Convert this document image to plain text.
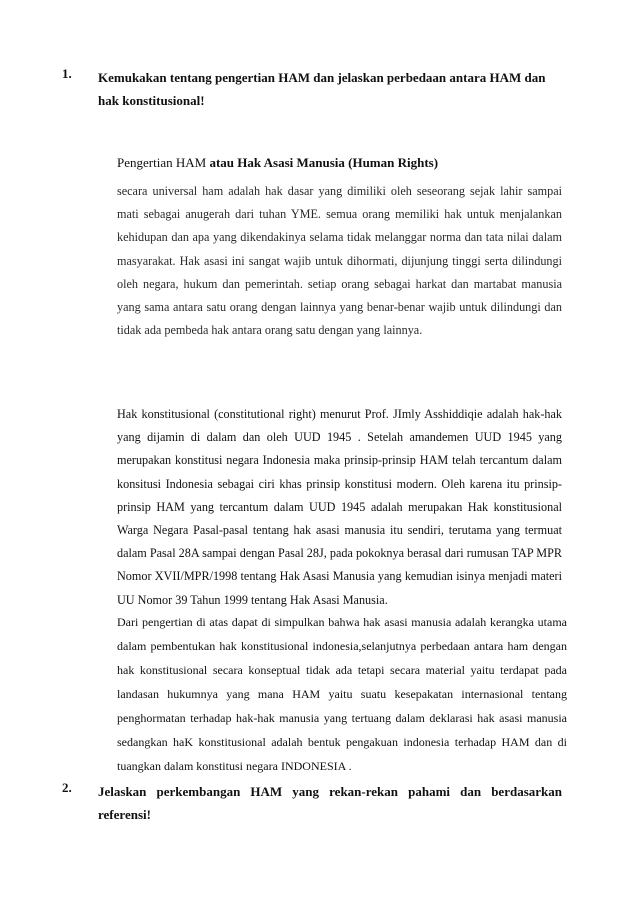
1. Kemukakan tentang pengertian HAM dan jelaskan perbedaan antara HAM dan hak konstitusional!
Pengertian HAM atau Hak Asasi Manusia (Human Rights)

secara universal ham adalah hak dasar yang dimiliki oleh seseorang sejak lahir sampai mati sebagai anugerah dari tuhan YME. semua orang memiliki hak untuk menjalankan kehidupan dan apa yang dikendakinya selama tidak melanggar norma dan tata nilai dalam masyarakat. Hak asasi ini sangat wajib untuk dihormati, dijunjung tinggi serta dilindungi oleh negara, hukum dan pemerintah. setiap orang sebagai harkat dan martabat manusia yang sama antara satu orang dengan lainnya yang benar-benar wajib untuk dilindungi dan tidak ada pembeda hak antara orang satu dengan yang lainnya.

Hak konstitusional (constitutional right) menurut Prof. JImly Asshiddiqie adalah hak-hak yang dijamin di dalam dan oleh UUD 1945 . Setelah amandemen UUD 1945 yang merupakan konstitusi negara Indonesia maka prinsip-prinsip HAM telah tercantum dalam konsitusi Indonesia sebagai ciri khas prinsip konstitusi modern. Oleh karena itu prinsip-prinsip HAM yang tercantum dalam UUD 1945 adalah merupakan Hak konstitusional Warga Negara Pasal-pasal tentang hak asasi manusia itu sendiri, terutama yang termuat dalam Pasal 28A sampai dengan Pasal 28J, pada pokoknya berasal dari rumusan TAP MPR Nomor XVII/MPR/1998 tentang Hak Asasi Manusia yang kemudian isinya menjadi materi UU Nomor 39 Tahun 1999 tentang Hak Asasi Manusia.

Dari pengertian di atas dapat di simpulkan bahwa hak asasi manusia adalah kerangka utama dalam pembentukan hak konstitusional indonesia,selanjutnya perbedaan antara ham dengan hak konstitusional secara konseptual tidak ada tetapi secara material yaitu terdapat pada landasan hukumnya yang mana HAM yaitu suatu kesepakatan internasional tentang penghormatan terhadap hak-hak manusia yang tertuang dalam deklarasi hak asasi manusia sedangkan haK konstitusional adalah bentuk pengakuan indonesia terhadap HAM dan di tuangkan dalam konstitusi negara INDONESIA .

2. Jelaskan perkembangan HAM yang rekan-rekan pahami dan berdasarkan referensi!
